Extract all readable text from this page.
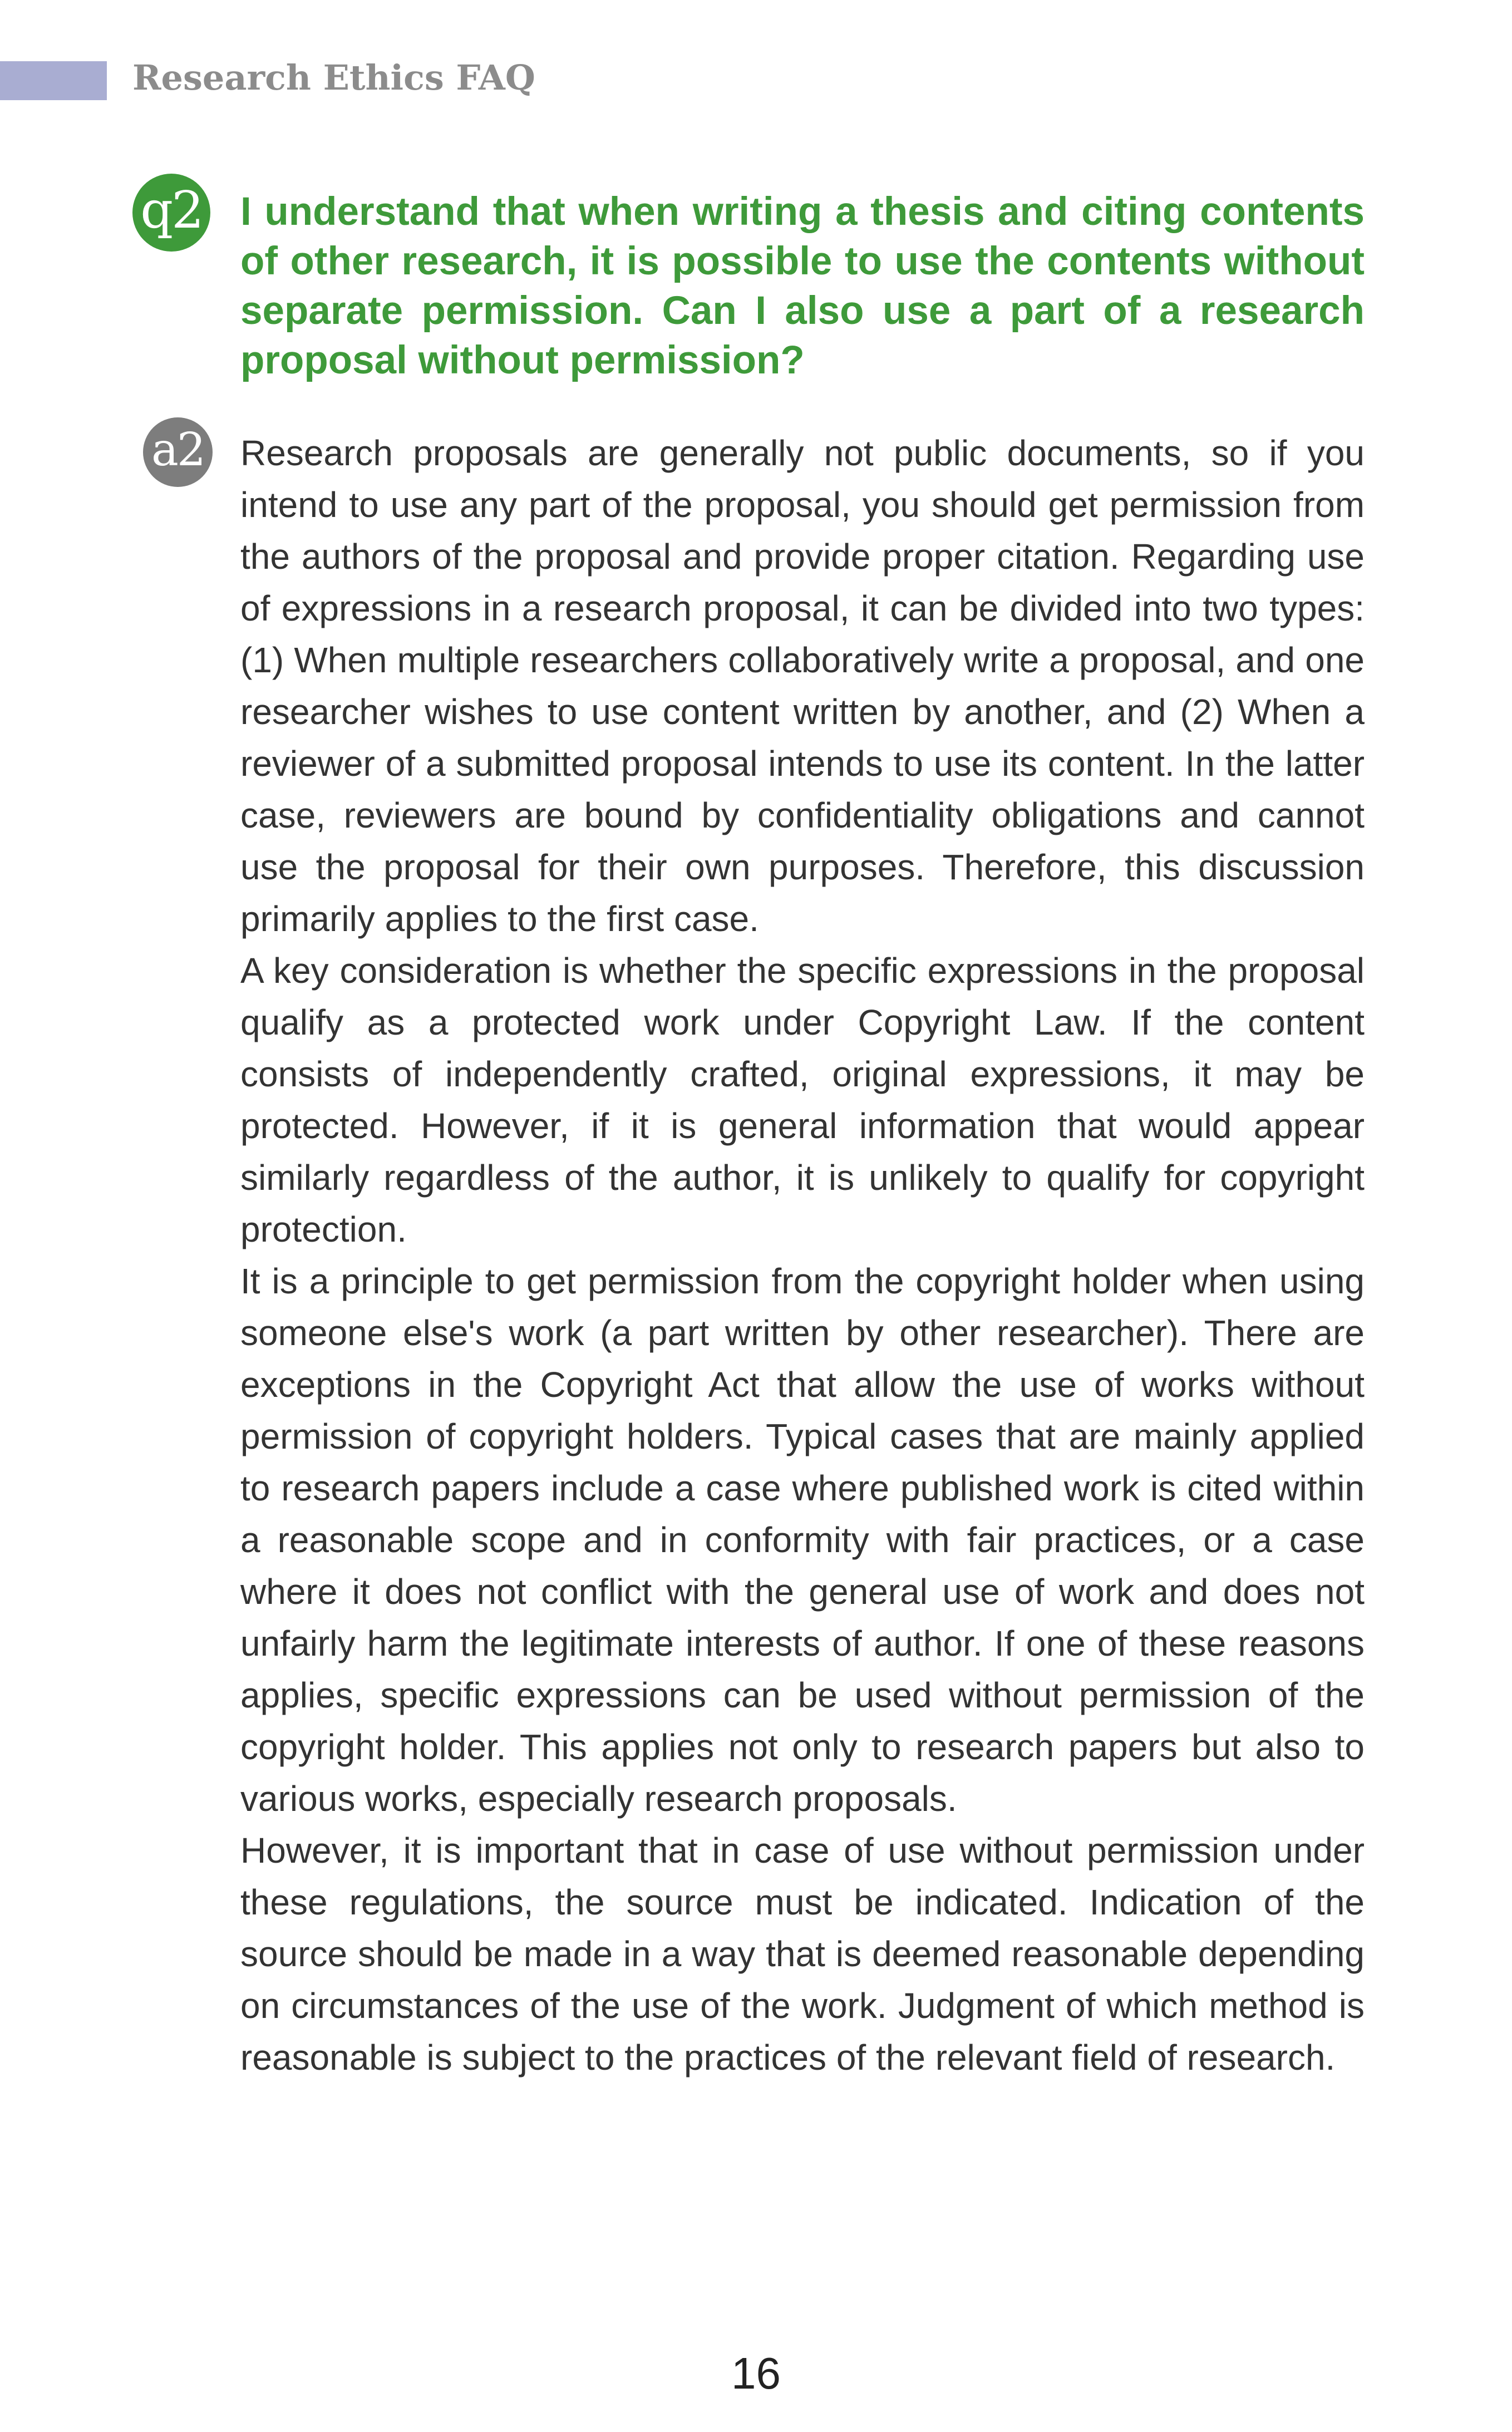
Research Ethics FAQ
q2 I understand that when writing a thesis and citing contents of other research, it is possible to use the contents without separate permission. Can I also use a part of a research proposal without permission?
a2 Research proposals are generally not public documents, so if you intend to use any part of the proposal, you should get permission from the authors of the proposal and provide proper citation. Regarding use of expressions in a research proposal, it can be divided into two types: (1) When multiple researchers collaboratively write a proposal, and one researcher wishes to use content written by another, and (2) When a reviewer of a submitted proposal intends to use its content. In the latter case, reviewers are bound by confidentiality obligations and cannot use the proposal for their own purposes. Therefore, this discussion primarily applies to the first case.

A key consideration is whether the specific expressions in the proposal qualify as a protected work under Copyright Law. If the content consists of independently crafted, original expressions, it may be protected. However, if it is general information that would appear similarly regardless of the author, it is unlikely to qualify for copyright protection.

It is a principle to get permission from the copyright holder when using someone else's work (a part written by other researcher). There are exceptions in the Copyright Act that allow the use of works without permission of copyright holders. Typical cases that are mainly applied to research papers include a case where published work is cited within a reasonable scope and in conformity with fair practices, or a case where it does not conflict with the general use of work and does not unfairly harm the legitimate interests of author. If one of these reasons applies, specific expressions can be used without permission of the copyright holder. This applies not only to research papers but also to various works, especially research proposals.

However, it is important that in case of use without permission under these regulations, the source must be indicated. Indication of the source should be made in a way that is deemed reasonable depending on circumstances of the use of the work. Judgment of which method is reasonable is subject to the practices of the relevant field of research.

16
